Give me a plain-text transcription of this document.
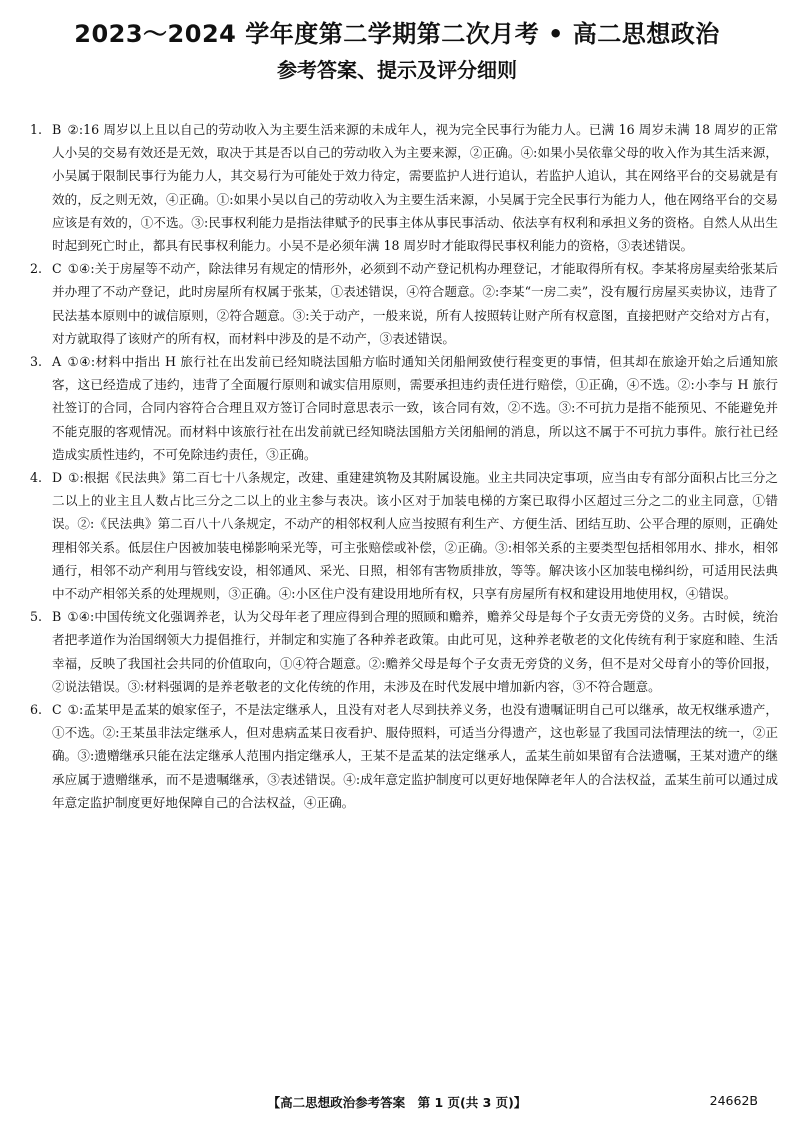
2023～2024 学年度第二学期第二次月考 • 高二思想政治
参考答案、提示及评分细则

1. B ②:16 周岁以上且以自己的劳动收入为主要生活来源的未成年人，视为完全民事行为能力人。已满 16 周岁未满 18 周岁的正常人小吴的交易有效还是无效，取决于其是否以自己的劳动收入为主要来源，②正确。④:如果小吴依靠父母的收入作为其生活来源，小吴属于限制民事行为能力人，其交易行为可能处于效力待定，需要监护人进行追认，若监护人追认，其在网络平台的交易就是有效的，反之则无效，④正确。①:如果小吴以自己的劳动收入为主要生活来源，小吴属于完全民事行为能力人，他在网络平台的交易应该是有效的，①不选。③:民事权利能力是指法律赋予的民事主体从事民事活动、依法享有权利和承担义务的资格。自然人从出生时起到死亡时止，都具有民事权利能力。小吴不是必须年满 18 周岁时才能取得民事权利能力的资格，③表述错误。

2. C ①④:关于房屋等不动产，除法律另有规定的情形外，必须到不动产登记机构办理登记，才能取得所有权。李某将房屋卖给张某后并办理了不动产登记，此时房屋所有权属于张某，①表述错误，④符合题意。②:李某“一房二卖”，没有履行房屋买卖协议，违背了民法基本原则中的诚信原则，②符合题意。③:关于动产，一般来说，所有人按照转让财产所有权意图，直接把财产交给对方占有，对方就取得了该财产的所有权，而材料中涉及的是不动产，③表述错误。

3. A ①④:材料中指出 H 旅行社在出发前已经知晓法国船方临时通知关闭船闸致使行程变更的事情，但其却在旅途开始之后通知旅客，这已经造成了违约，违背了全面履行原则和诚实信用原则，需要承担违约责任进行赔偿，①正确，④不选。②:小李与 H 旅行社签订的合同，合同内容符合合理且双方签订合同时意思表示一致，该合同有效，②不选。③:不可抗力是指不能预见、不能避免并不能克服的客观情况。而材料中该旅行社在出发前就已经知晓法国船方关闭船闸的消息，所以这不属于不可抗力事件。旅行社已经造成实质性违约，不可免除违约责任，③正确。

4. D ①:根据《民法典》第二百七十八条规定，改建、重建建筑物及其附属设施。业主共同决定事项，应当由专有部分面积占比三分之二以上的业主且人数占比三分之二以上的业主参与表决。该小区对于加装电梯的方案已取得小区超过三分之二的业主同意，①错误。②:《民法典》第二百八十八条规定，不动产的相邻权利人应当按照有利生产、方便生活、团结互助、公平合理的原则，正确处理相邻关系。低层住户因被加装电梯影响采光等，可主张赔偿或补偿，②正确。③:相邻关系的主要类型包括相邻用水、排水，相邻通行，相邻不动产利用与管线安设，相邻通风、采光、日照，相邻有害物质排放，等等。解决该小区加装电梯纠纷，可适用民法典中不动产相邻关系的处理规则，③正确。④:小区住户没有建设用地所有权，只享有房屋所有权和建设用地使用权，④错误。

5. B ①④:中国传统文化强调养老，认为父母年老了理应得到合理的照顾和赡养，赡养父母是每个子女责无旁贷的义务。古时候，统治者把孝道作为治国纲领大力提倡推行，并制定和实施了各种养老政策。由此可见，这种养老敬老的文化传统有利于家庭和睦、生活幸福，反映了我国社会共同的价值取向，①④符合题意。②:赡养父母是每个子女责无旁贷的义务，但不是对父母育小的等价回报，②说法错误。③:材料强调的是养老敬老的文化传统的作用，未涉及在时代发展中增加新内容，③不符合题意。

6. C ①:孟某甲是孟某的娘家侄子，不是法定继承人，且没有对老人尽到扶养义务，也没有遗嘱证明自己可以继承，故无权继承遗产，①不选。②:王某虽非法定继承人，但对患病孟某日夜看护、服侍照料，可适当分得遗产，这也彰显了我国司法情理法的统一，②正确。③:遗赠继承只能在法定继承人范围内指定继承人，王某不是孟某的法定继承人，孟某生前如果留有合法遗嘱，王某对遗产的继承应属于遗赠继承，而不是遗嘱继承，③表述错误。④:成年意定监护制度可以更好地保障老年人的合法权益，孟某生前可以通过成年意定监护制度更好地保障自己的合法权益，④正确。

【高二思想政治参考答案　第 1 页(共 3 页)】	24662B
